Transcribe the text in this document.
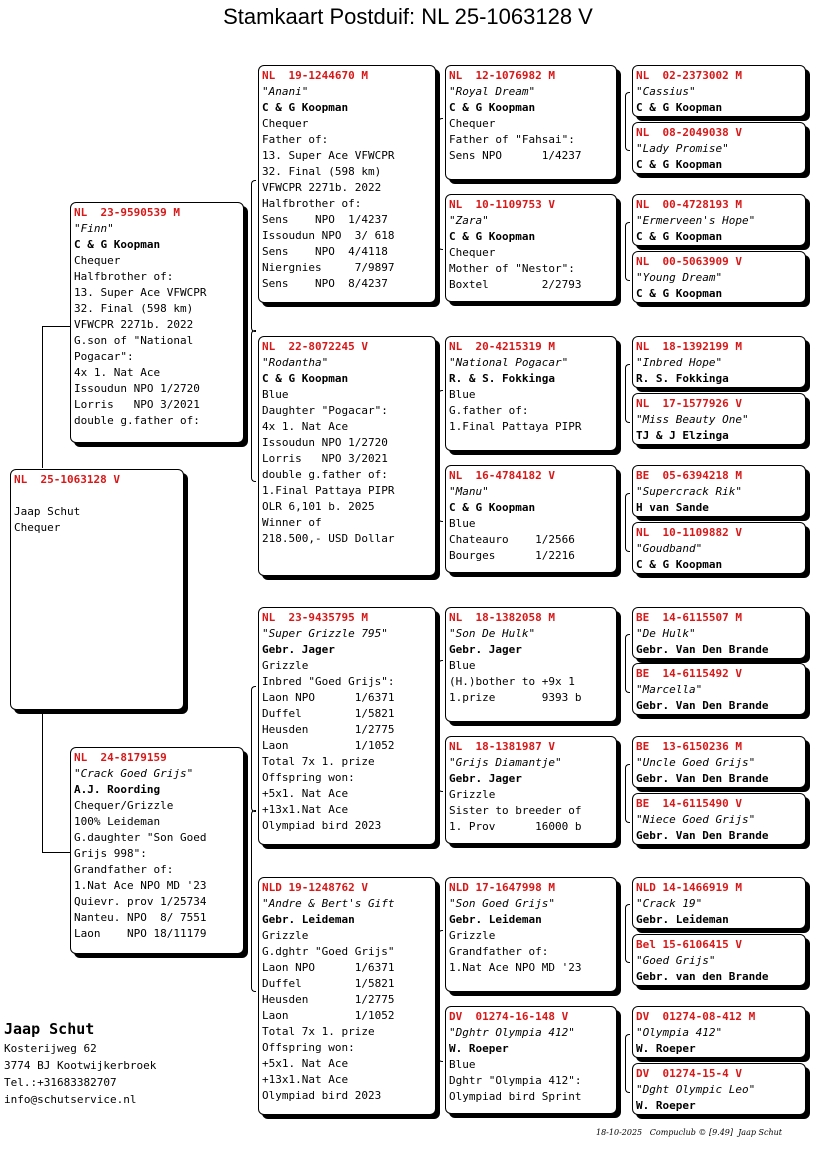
Stamkaart Postduif: NL 25-1063128 V
NL  25-1063128 V
Jaap Schut
Chequer
NL  23-9590539 M
"Finn"
C & G Koopman
Chequer
Halfbrother of:
13. Super Ace VFWCPR
32. Final (598 km)
VFWCPR 2271b. 2022
G.son of "National
Pogacar":
4x 1. Nat Ace
Issoudun NPO 1/2720
Lorris   NPO 3/2021
double g.father of:
NL  24-8179159
"Crack Goed Grijs"
A.J. Roording
Chequer/Grizzle
100% Leideman
G.daughter "Son Goed
Grijs 998":
Grandfather of:
1.Nat Ace NPO MD '23
Quievr. prov 1/25734
Nanteu. NPO  8/ 7551
Laon    NPO 18/11179
NL  19-1244670 M
"Anani"
C & G Koopman
Chequer
Father of:
13. Super Ace VFWCPR
32. Final (598 km)
VFWCPR 2271b. 2022
Halfbrother of:
Sens    NPO  1/4237
Issoudun NPO  3/ 618
Sens    NPO  4/4118
Niergnies     7/9897
Sens    NPO  8/4237
NL  22-8072245 V
"Rodantha"
C & G Koopman
Blue
Daughter "Pogacar":
4x 1. Nat Ace
Issoudun NPO 1/2720
Lorris   NPO 3/2021
double g.father of:
1.Final Pattaya PIPR
OLR 6,101 b. 2025
Winner of
218.500,- USD Dollar
NL  23-9435795 M
"Super Grizzle 795"
Gebr. Jager
Grizzle
Inbred "Goed Grijs":
Laon NPO      1/6371
Duffel        1/5821
Heusden       1/2775
Laon          1/1052
Total 7x 1. prize
Offspring won:
+5x1. Nat Ace
+13x1.Nat Ace
Olympiad bird 2023
NLD 19-1248762 V
"Andre & Bert's Gift
Gebr. Leideman
Grizzle
G.dghtr "Goed Grijs"
Laon NPO      1/6371
Duffel        1/5821
Heusden       1/2775
Laon          1/1052
Total 7x 1. prize
Offspring won:
+5x1. Nat Ace
+13x1.Nat Ace
Olympiad bird 2023
NL  12-1076982 M
"Royal Dream"
C & G Koopman
Chequer
Father of "Fahsai":
Sens NPO      1/4237
NL  10-1109753 V
"Zara"
C & G Koopman
Chequer
Mother of "Nestor":
Boxtel        2/2793
NL  20-4215319 M
"National Pogacar"
R. & S. Fokkinga
Blue
G.father of:
1.Final Pattaya PIPR
NL  16-4784182 V
"Manu"
C & G Koopman
Blue
Chateauro    1/2566
Bourges      1/2216
NL  18-1382058 M
"Son De Hulk"
Gebr. Jager
Blue
(H.)bother to +9x 1
1.prize       9393 b
NL  18-1381987 V
"Grijs Diamantje"
Gebr. Jager
Grizzle
Sister to breeder of
1. Prov      16000 b
NLD 17-1647998 M
"Son Goed Grijs"
Gebr. Leideman
Grizzle
Grandfather of:
1.Nat Ace NPO MD '23
DV  01274-16-148 V
"Dghtr Olympia 412"
W. Roeper
Blue
Dghtr "Olympia 412":
Olympiad bird Sprint
NL  02-2373002 M
"Cassius"
C & G Koopman
NL  08-2049038 V
"Lady Promise"
C & G Koopman
NL  00-4728193 M
"Ermerveen's Hope"
C & G Koopman
NL  00-5063909 V
"Young Dream"
C & G Koopman
NL  18-1392199 M
"Inbred Hope"
R. S. Fokkinga
NL  17-1577926 V
"Miss Beauty One"
TJ & J Elzinga
BE  05-6394218 M
"Supercrack Rik"
H van Sande
NL  10-1109882 V
"Goudband"
C & G Koopman
BE  14-6115507 M
"De Hulk"
Gebr. Van Den Brande
BE  14-6115492 V
"Marcella"
Gebr. Van Den Brande
BE  13-6150236 M
"Uncle Goed Grijs"
Gebr. Van Den Brande
BE  14-6115490 V
"Niece Goed Grijs"
Gebr. Van Den Brande
NLD 14-1466919 M
"Crack 19"
Gebr. Leideman
Bel 15-6106415 V
"Goed Grijs"
Gebr. van den Brande
DV  01274-08-412 M
"Olympia 412"
W. Roeper
DV  01274-15-4 V
"Dght Olympic Leo"
W. Roeper
Jaap Schut
Kosterijweg 62
3774 BJ Kootwijkerbroek
Tel.:+31683382707
info@schutservice.nl
18-10-2025   Compuclub © [9.49]  Jaap Schut
